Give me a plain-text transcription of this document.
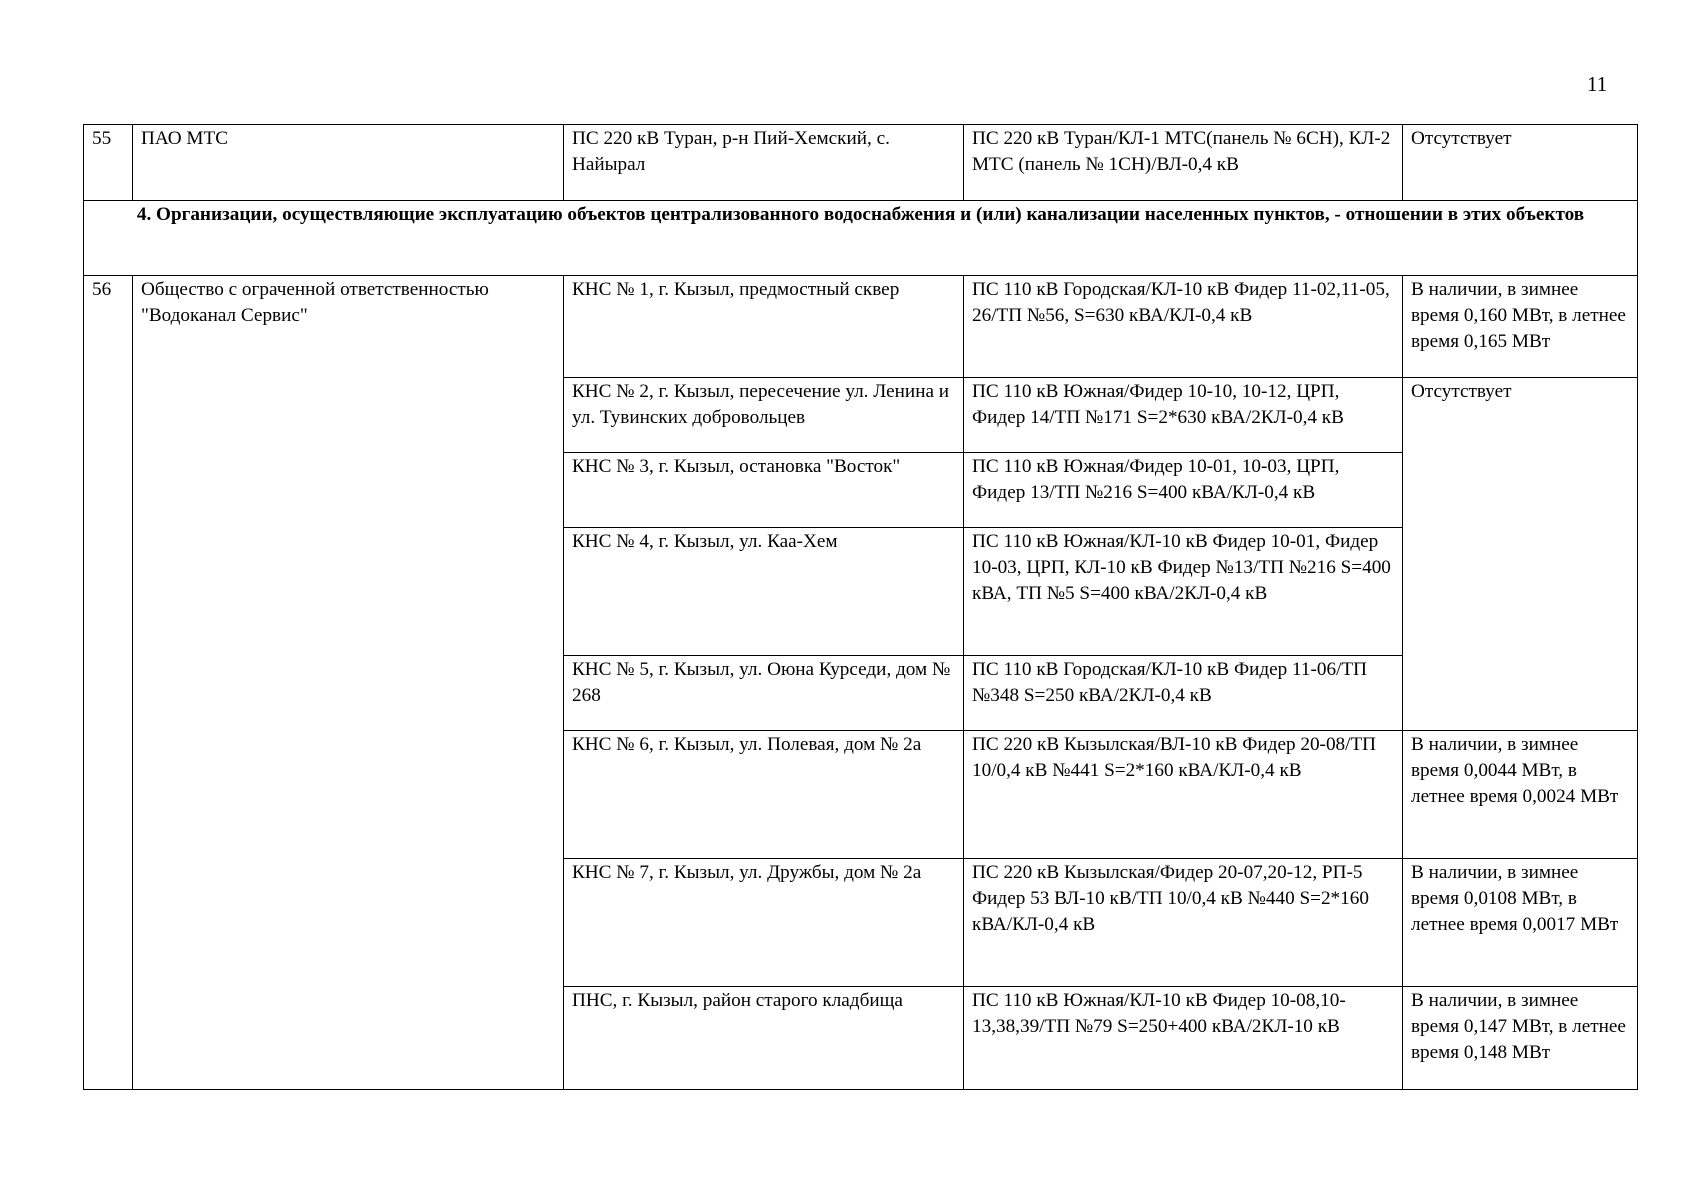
11
55	ПАО МТС	ПС 220 кВ Туран, р-н Пий-Хемский, с. Найырал	ПС 220 кВ Туран/КЛ-1 МТС(панель № 6СН), КЛ-2 МТС (панель № 1СН)/ВЛ-0,4 кВ	Отсутствует
4. Организации, осуществляющие эксплуатацию объектов централизованного водоснабжения и (или) канализации населенных пунктов, - отношении в этих объектов				
56	Общество с ограченной ответственностью "Водоканал Сервис"	КНС № 1, г. Кызыл, предмостный сквер	ПС 110 кВ Городская/КЛ-10 кВ Фидер 11-02,11-05, 26/ТП №56, S=630 кВА/КЛ-0,4 кВ	В наличии, в зимнее время 0,160 МВт, в летнее время 0,165 МВт
		КНС № 2, г. Кызыл, пересечение ул. Ленина и ул. Тувинских добровольцев	ПС 110 кВ Южная/Фидер 10-10, 10-12, ЦРП, Фидер 14/ТП №171 S=2*630 кВА/2КЛ-0,4 кВ	Отсутствует
		КНС № 3, г. Кызыл, остановка "Восток"	ПС 110 кВ Южная/Фидер 10-01, 10-03, ЦРП, Фидер 13/ТП №216 S=400 кВА/КЛ-0,4 кВ	
		КНС № 4, г. Кызыл, ул. Каа-Хем	ПС 110 кВ Южная/КЛ-10 кВ Фидер 10-01, Фидер 10-03, ЦРП, КЛ-10 кВ Фидер №13/ТП №216 S=400 кВА, ТП №5 S=400 кВА/2КЛ-0,4 кВ	
		КНС № 5, г. Кызыл, ул. Оюна Курседи, дом № 268	ПС 110 кВ Городская/КЛ-10 кВ Фидер 11-06/ТП №348 S=250 кВА/2КЛ-0,4 кВ	
		КНС № 6, г. Кызыл, ул. Полевая, дом № 2а	ПС 220 кВ Кызылская/ВЛ-10 кВ Фидер 20-08/ТП 10/0,4 кВ №441 S=2*160 кВА/КЛ-0,4 кВ	В наличии, в зимнее время 0,0044 МВт, в летнее время 0,0024 МВт
		КНС № 7, г. Кызыл, ул. Дружбы, дом № 2а	ПС 220 кВ Кызылская/Фидер 20-07,20-12, РП-5 Фидер 53 ВЛ-10 кВ/ТП 10/0,4 кВ №440 S=2*160 кВА/КЛ-0,4 кВ	В наличии, в зимнее время 0,0108 МВт, в летнее время 0,0017 МВт
		ПНС, г. Кызыл, район старого кладбища	ПС 110 кВ Южная/КЛ-10 кВ Фидер 10-08,10-13,38,39/ТП №79 S=250+400 кВА/2КЛ-10 кВ	В наличии, в зимнее время 0,147 МВт, в летнее время 0,148 МВт
